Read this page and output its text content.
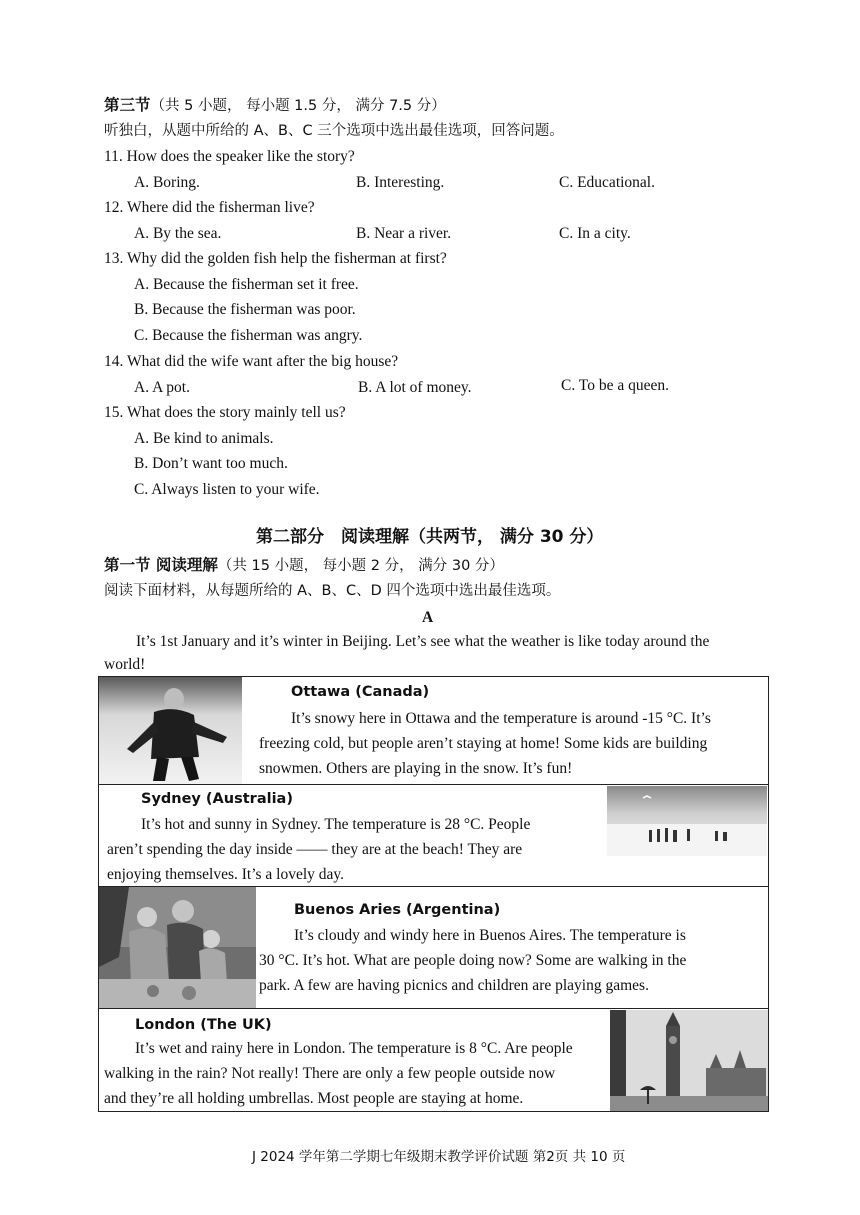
第三节（共 5 小题， 每小题 1.5 分， 满分 7.5 分）
听独白，从题中所给的 A、B、C 三个选项中选出最佳选项，回答问题。
11. How does the speaker like the story?
A. Boring.	B. Interesting.	C. Educational.
12. Where did the fisherman live?
A. By the sea.	B. Near a river.	C. In a city.
13. Why did the golden fish help the fisherman at first?
A. Because the fisherman set it free.
B. Because the fisherman was poor.
C. Because the fisherman was angry.
14. What did the wife want after the big house?
A. A pot.	B. A lot of money.	C. To be a queen.
15. What does the story mainly tell us?
A. Be kind to animals.
B. Don’t want too much.
C. Always listen to your wife.
第二部分　阅读理解（共两节， 满分 30 分）
第一节 阅读理解（共 15 小题， 每小题 2 分， 满分 30 分）
阅读下面材料，从每题所给的 A、B、C、D 四个选项中选出最佳选项。
A
It’s 1st January and it’s winter in Beijing. Let’s see what the weather is like today around the
world!
Ottawa (Canada)
It’s snowy here in Ottawa and the temperature is around -15 °C. It’s
freezing cold, but people aren’t staying at home! Some kids are building
snowmen. Others are playing in the snow. It’s fun!
Sydney (Australia)
It’s hot and sunny in Sydney. The temperature is 28 °C. People
aren’t spending the day inside —— they are at the beach! They are
enjoying themselves. It’s a lovely day.
Buenos Aries (Argentina)
It’s cloudy and windy here in Buenos Aires. The temperature is
30 °C. It’s hot. What are people doing now? Some are walking in the
park. A few are having picnics and children are playing games.
London (The UK)
It’s wet and rainy here in London. The temperature is 8 °C. Are people
walking in the rain? Not really! There are only a few people outside now
and they’re all holding umbrellas. Most people are staying at home.
J 2024 学年第二学期七年级期末教学评价试题 第2页 共 10 页
